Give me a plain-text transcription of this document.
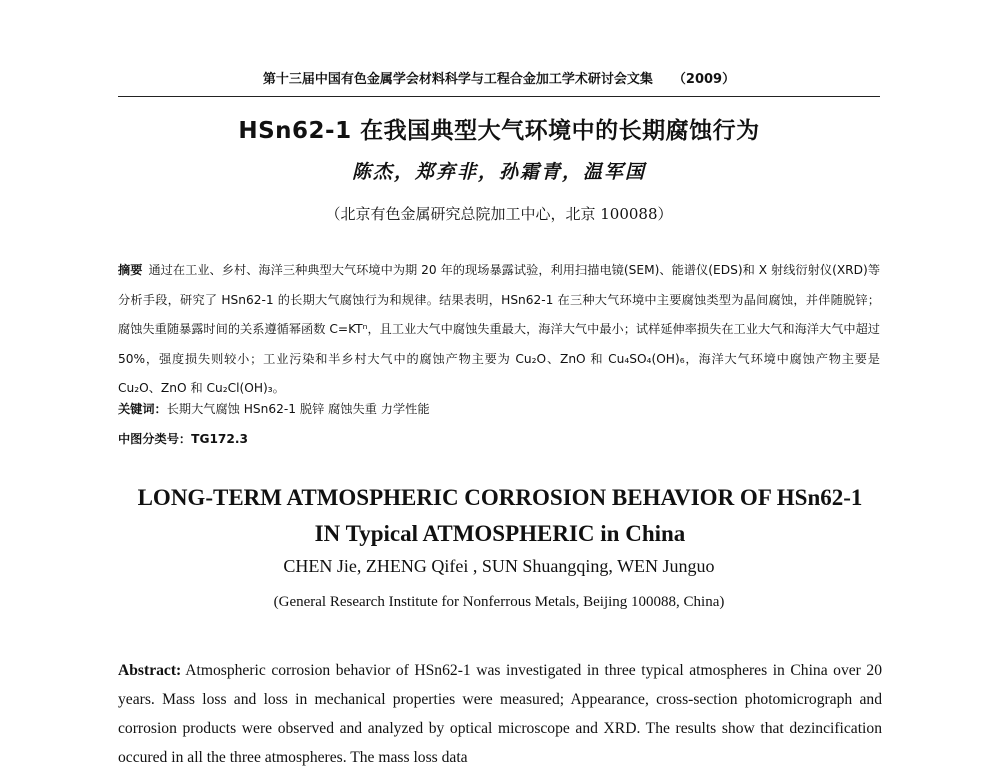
第十三届中国有色金属学会材料科学与工程合金加工学术研讨会文集 （2009）
HSn62-1 在我国典型大气环境中的长期腐蚀行为
陈杰，郑弃非，孙霜青，温军国
（北京有色金属研究总院加工中心，北京 100088）
摘要 通过在工业、乡村、海洋三种典型大气环境中为期 20 年的现场暴露试验，利用扫描电镜(SEM)、能谱仪(EDS)和 X 射线衍射仪(XRD)等分析手段，研究了 HSn62-1 的长期大气腐蚀行为和规律。结果表明，HSn62-1 在三种大气环境中主要腐蚀类型为晶间腐蚀，并伴随脱锌；腐蚀失重随暴露时间的关系遵循幂函数 C=KTⁿ，且工业大气中腐蚀失重最大，海洋大气中最小；试样延伸率损失在工业大气和海洋大气中超过 50%，强度损失则较小；工业污染和半乡村大气中的腐蚀产物主要为 Cu₂O、ZnO 和 Cu₄SO₄(OH)₆，海洋大气环境中腐蚀产物主要是 Cu₂O、ZnO 和 Cu₂Cl(OH)₃。
关键词：长期大气腐蚀 HSn62-1 脱锌 腐蚀失重 力学性能
中图分类号：TG172.3
LONG-TERM ATMOSPHERIC CORROSION BEHAVIOR OF HSn62-1
IN Typical ATMOSPHERIC in China
CHEN Jie, ZHENG Qifei , SUN Shuangqing, WEN Junguo
(General Research Institute for Nonferrous Metals, Beijing 100088, China)
Abstract: Atmospheric corrosion behavior of HSn62-1 was investigated in three typical atmospheres in China over 20 years. Mass loss and loss in mechanical properties were measured; Appearance, cross-section photomicrograph and corrosion products were observed and analyzed by optical microscope and XRD. The results show that dezincification occured in all the three atmospheres. The mass loss data
